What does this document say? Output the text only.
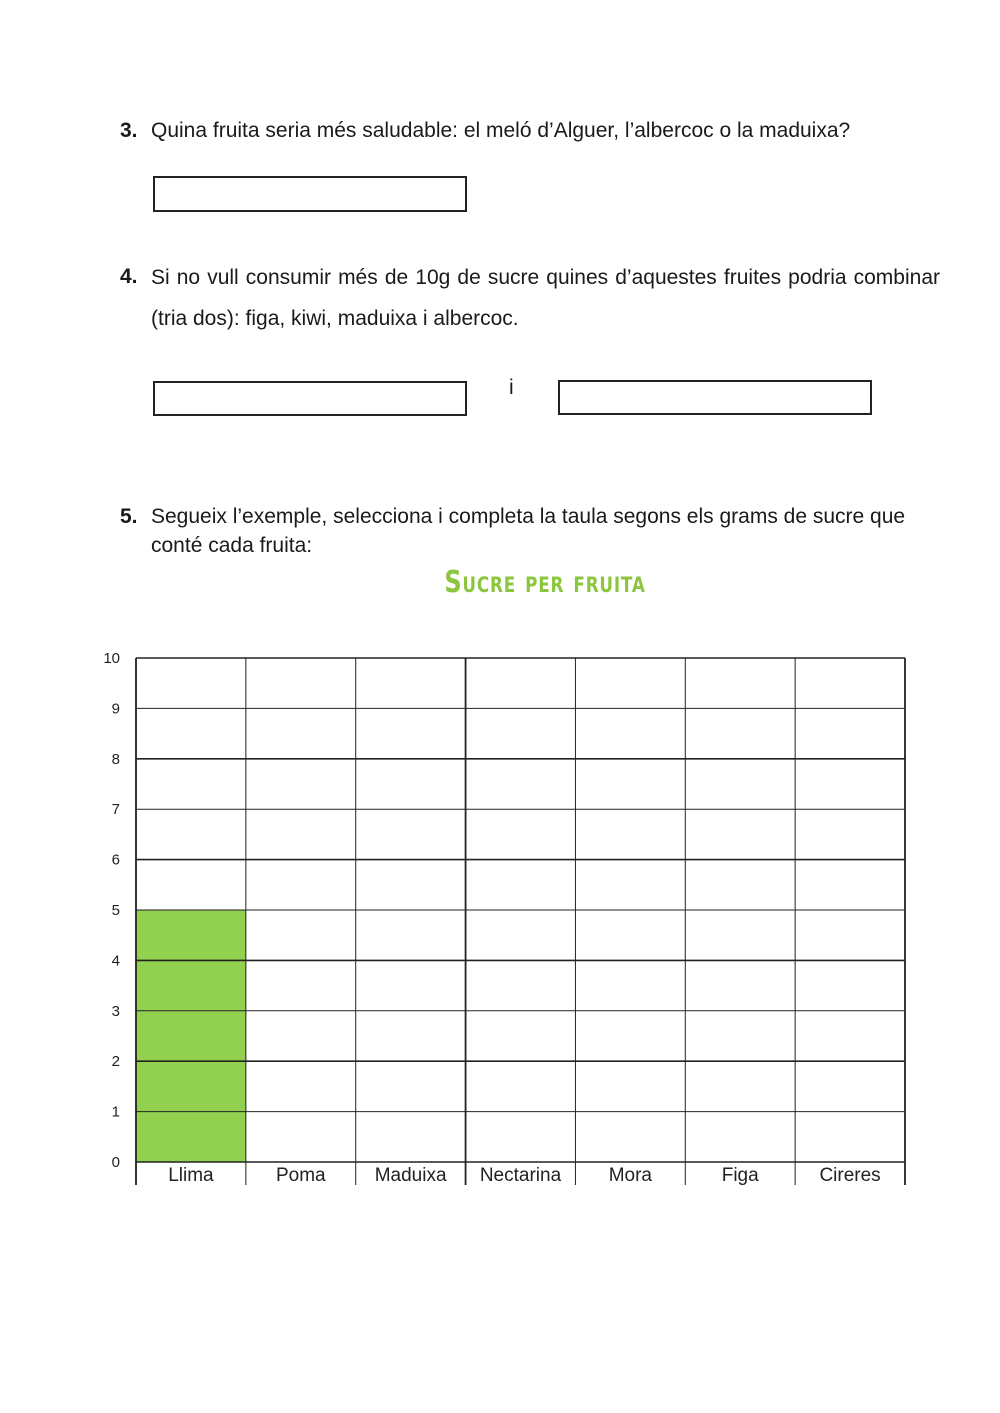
3. Quina fruita seria més saludable: el meló d’Alguer, l’albercoc o la maduixa?
4. Si no vull consumir més de 10g de sucre quines d’aquestes fruites podria combinar (tria dos): figa, kiwi, maduixa i albercoc.
i
5. Segueix l’exemple, selecciona i completa la taula segons els grams de sucre que conté cada fruita:
Sucre per fruita
0
1
2
3
4
5
6
7
8
9
10
Llima	Poma	Maduixa Nectarina	Mora	Figa	Cireres
